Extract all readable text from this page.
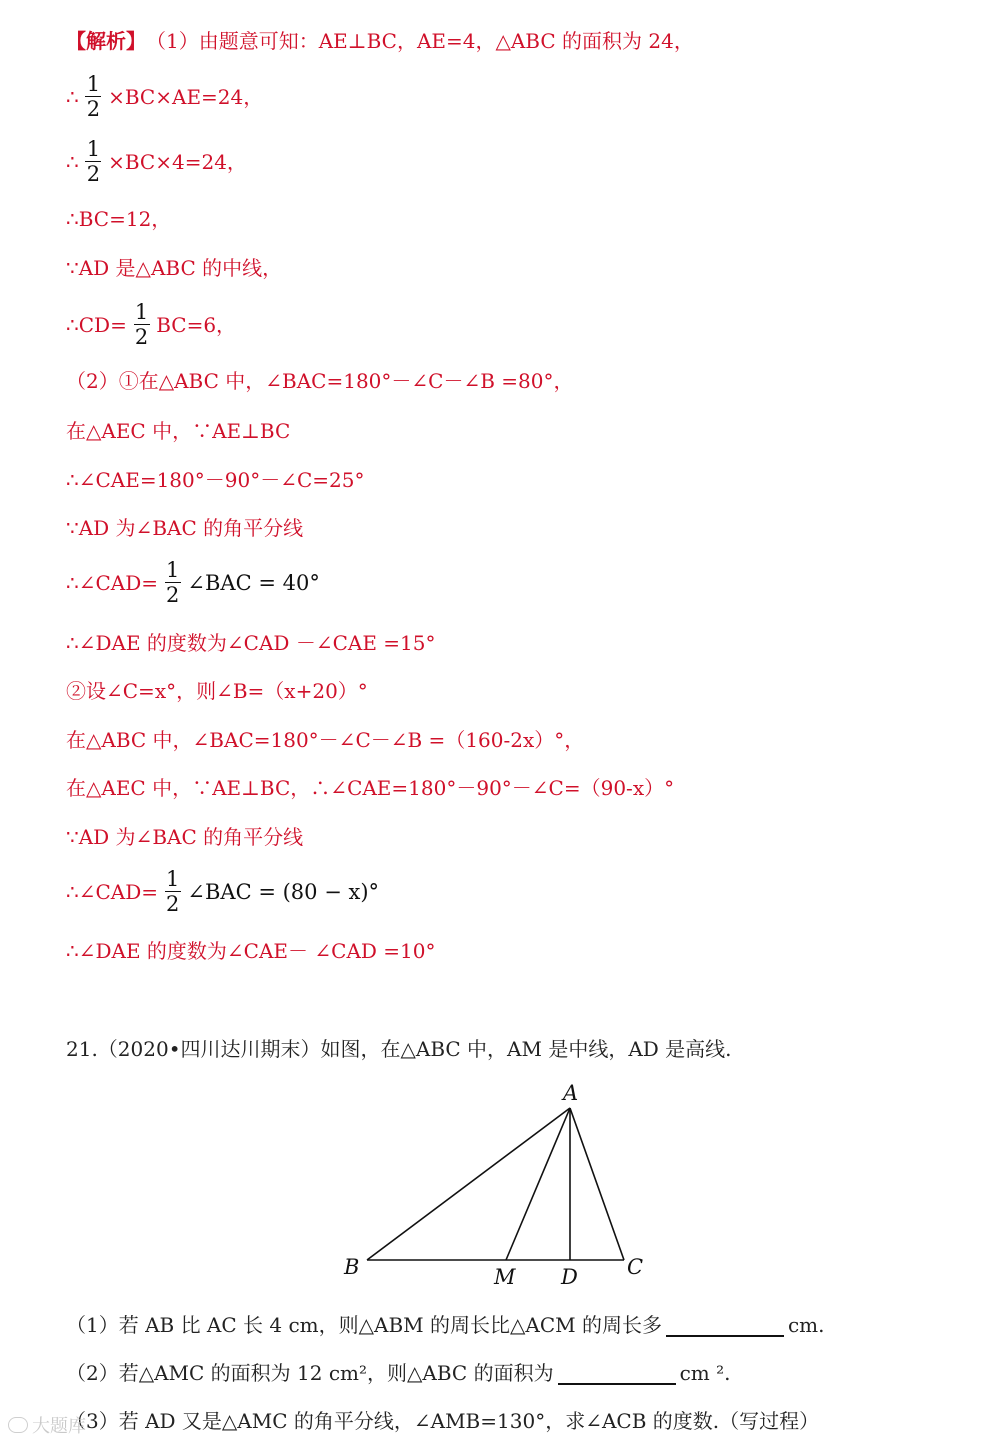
【解析】 （1）由题意可知：AE⊥BC，AE=4，△ABC 的面积为 24，
∴ $\frac{1}{2} \times BC\times AE=24$，
∴ $\frac{1}{2} \times BC\times 4=24$，
∴BC=12，
∵AD 是△ABC 的中线，
∴CD= $\frac{1}{2} BC=6$，
（2）①在△ABC 中，∠BAC=180°－∠C－∠B =80°，
在△AEC 中，∵AE⊥BC
∴∠CAE=180°－90°－∠C=25°
∵AD 为∠BAC 的角平分线
∴∠CAD= $\frac{1}{2}$ ∠BAC = 40°
∴∠DAE 的度数为∠CAD －∠CAE =15°
②设∠C=x°，则∠B=（x+20）°
在△ABC 中，∠BAC=180°－∠C－∠B =（160-2x）°，
在△AEC 中，∵AE⊥BC，∴∠CAE=180°－90°－∠C=（90-x）°
∵AD 为∠BAC 的角平分线
∴∠CAD= $\frac{1}{2}$ ∠BAC = (80 − x)°
∴∠DAE 的度数为∠CAE－ ∠CAD =10°
21.（2020•四川达川期末）如图，在△ABC 中，AM 是中线，AD 是高线.
A
B	M D C
（1）若 AB 比 AC 长 4 cm，则△ABM 的周长比△ACM 的周长多	cm.
（2）若△AMC 的面积为 12 cm²，则△ABC 的面积为	cm ².
（3）若 AD 又是△AMC 的角平分线，∠AMB=130°，求∠ACB 的度数.（写过程）
大题库
